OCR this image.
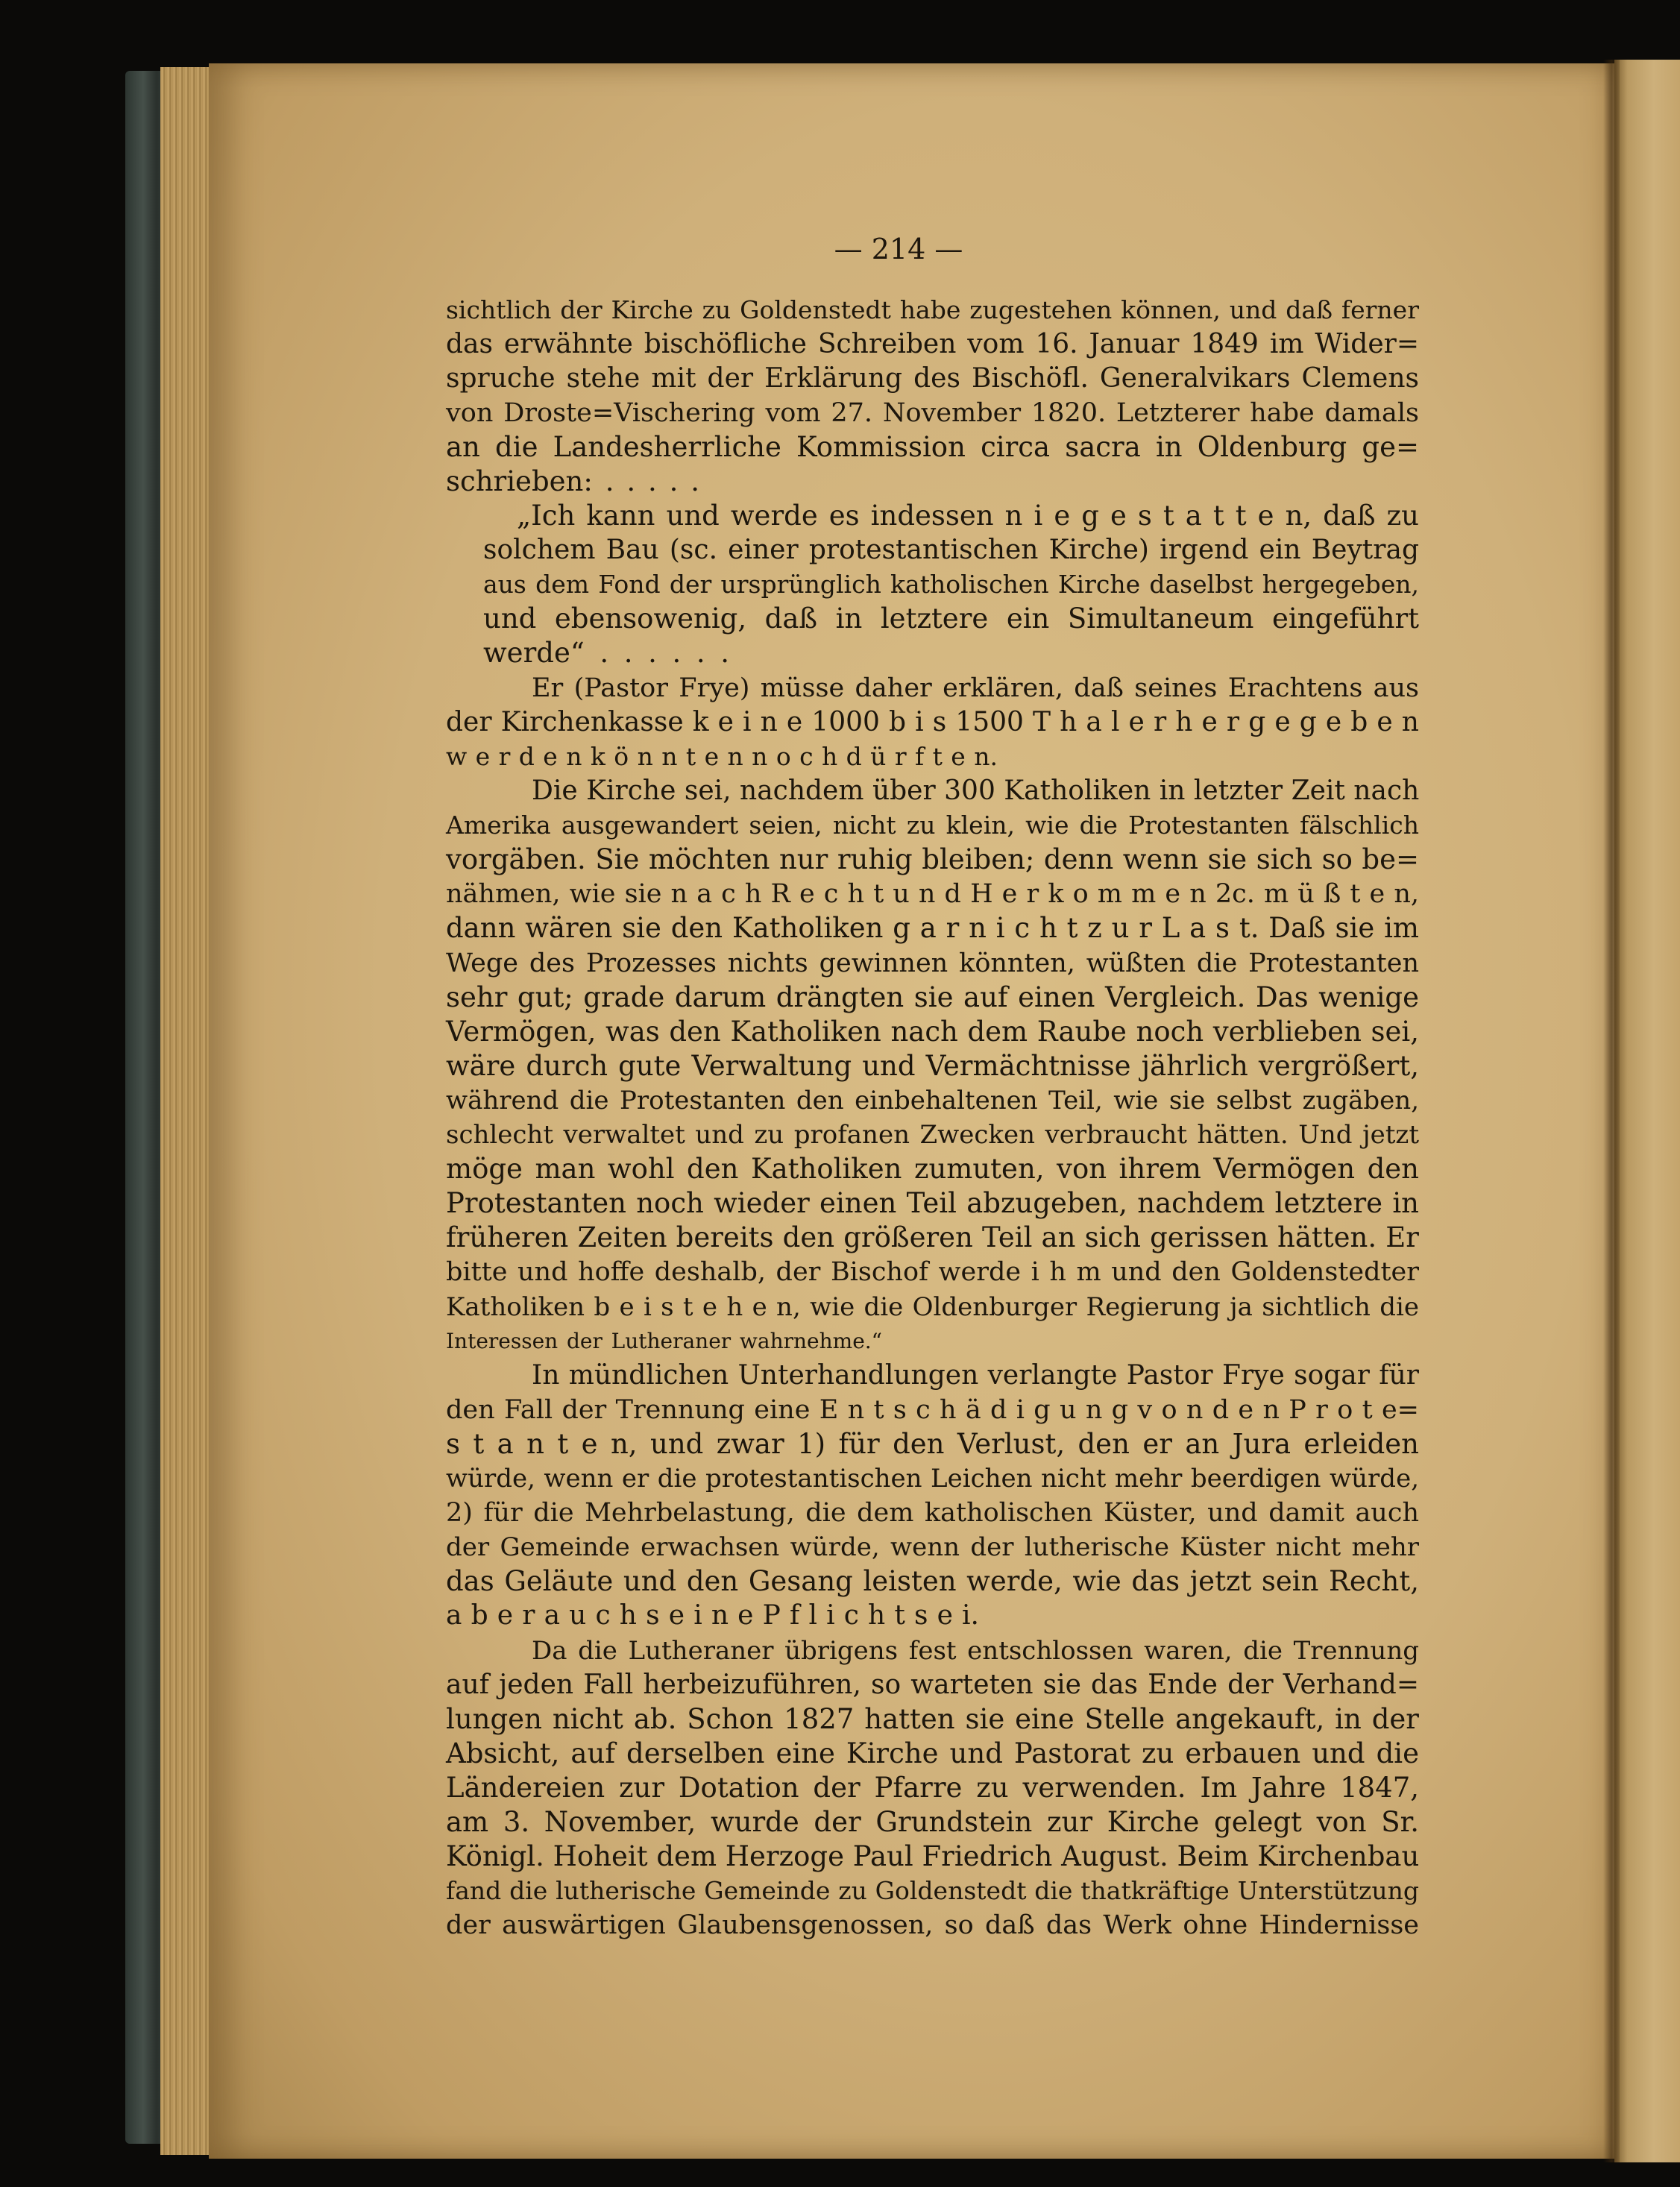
— 214 —
sichtlich der Kirche zu Goldenstedt habe zugestehen können, und daß ferner
das erwähnte bischöfliche Schreiben vom 16. Januar 1849 im Wider=
spruche stehe mit der Erklärung des Bischöfl. Generalvikars Clemens
von Droste=Vischering vom 27. November 1820. Letzterer habe damals
an die Landesherrliche Kommission circa sacra in Oldenburg ge=
schrieben: . . . . .
„Ich kann und werde es indessen n i e g e s t a t t e n, daß zu
solchem Bau (sc. einer protestantischen Kirche) irgend ein Beytrag
aus dem Fond der ursprünglich katholischen Kirche daselbst hergegeben,
und ebensowenig, daß in letztere ein Simultaneum eingeführt
werde“ . . . . . .
Er (Pastor Frye) müsse daher erklären, daß seines Erachtens aus
der Kirchenkasse k e i n e 1000 b i s 1500 T h a l e r h e r g e g e b e n
w e r d e n k ö n n t e n n o c h d ü r f t e n.
Die Kirche sei, nachdem über 300 Katholiken in letzter Zeit nach
Amerika ausgewandert seien, nicht zu klein, wie die Protestanten fälschlich
vorgäben. Sie möchten nur ruhig bleiben; denn wenn sie sich so be=
nähmen, wie sie n a c h R e c h t u n d H e r k o m m e n 2c. m ü ß t e n,
dann wären sie den Katholiken g a r n i c h t z u r L a s t. Daß sie im
Wege des Prozesses nichts gewinnen könnten, wüßten die Protestanten
sehr gut; grade darum drängten sie auf einen Vergleich. Das wenige
Vermögen, was den Katholiken nach dem Raube noch verblieben sei,
wäre durch gute Verwaltung und Vermächtnisse jährlich vergrößert,
während die Protestanten den einbehaltenen Teil, wie sie selbst zugäben,
schlecht verwaltet und zu profanen Zwecken verbraucht hätten. Und jetzt
möge man wohl den Katholiken zumuten, von ihrem Vermögen den
Protestanten noch wieder einen Teil abzugeben, nachdem letztere in
früheren Zeiten bereits den größeren Teil an sich gerissen hätten. Er
bitte und hoffe deshalb, der Bischof werde i h m und den Goldenstedter
Katholiken b e i s t e h e n, wie die Oldenburger Regierung ja sichtlich die
Interessen der Lutheraner wahrnehme.“
In mündlichen Unterhandlungen verlangte Pastor Frye sogar für
den Fall der Trennung eine E n t s c h ä d i g u n g v o n d e n P r o t e=
s t a n t e n, und zwar 1) für den Verlust, den er an Jura erleiden
würde, wenn er die protestantischen Leichen nicht mehr beerdigen würde,
2) für die Mehrbelastung, die dem katholischen Küster, und damit auch
der Gemeinde erwachsen würde, wenn der lutherische Küster nicht mehr
das Geläute und den Gesang leisten werde, wie das jetzt sein Recht,
a b e r a u c h s e i n e P f l i c h t s e i.
Da die Lutheraner übrigens fest entschlossen waren, die Trennung
auf jeden Fall herbeizuführen, so warteten sie das Ende der Verhand=
lungen nicht ab. Schon 1827 hatten sie eine Stelle angekauft, in der
Absicht, auf derselben eine Kirche und Pastorat zu erbauen und die
Ländereien zur Dotation der Pfarre zu verwenden. Im Jahre 1847,
am 3. November, wurde der Grundstein zur Kirche gelegt von Sr.
Königl. Hoheit dem Herzoge Paul Friedrich August. Beim Kirchenbau
fand die lutherische Gemeinde zu Goldenstedt die thatkräftige Unterstützung
der auswärtigen Glaubensgenossen, so daß das Werk ohne Hindernisse
